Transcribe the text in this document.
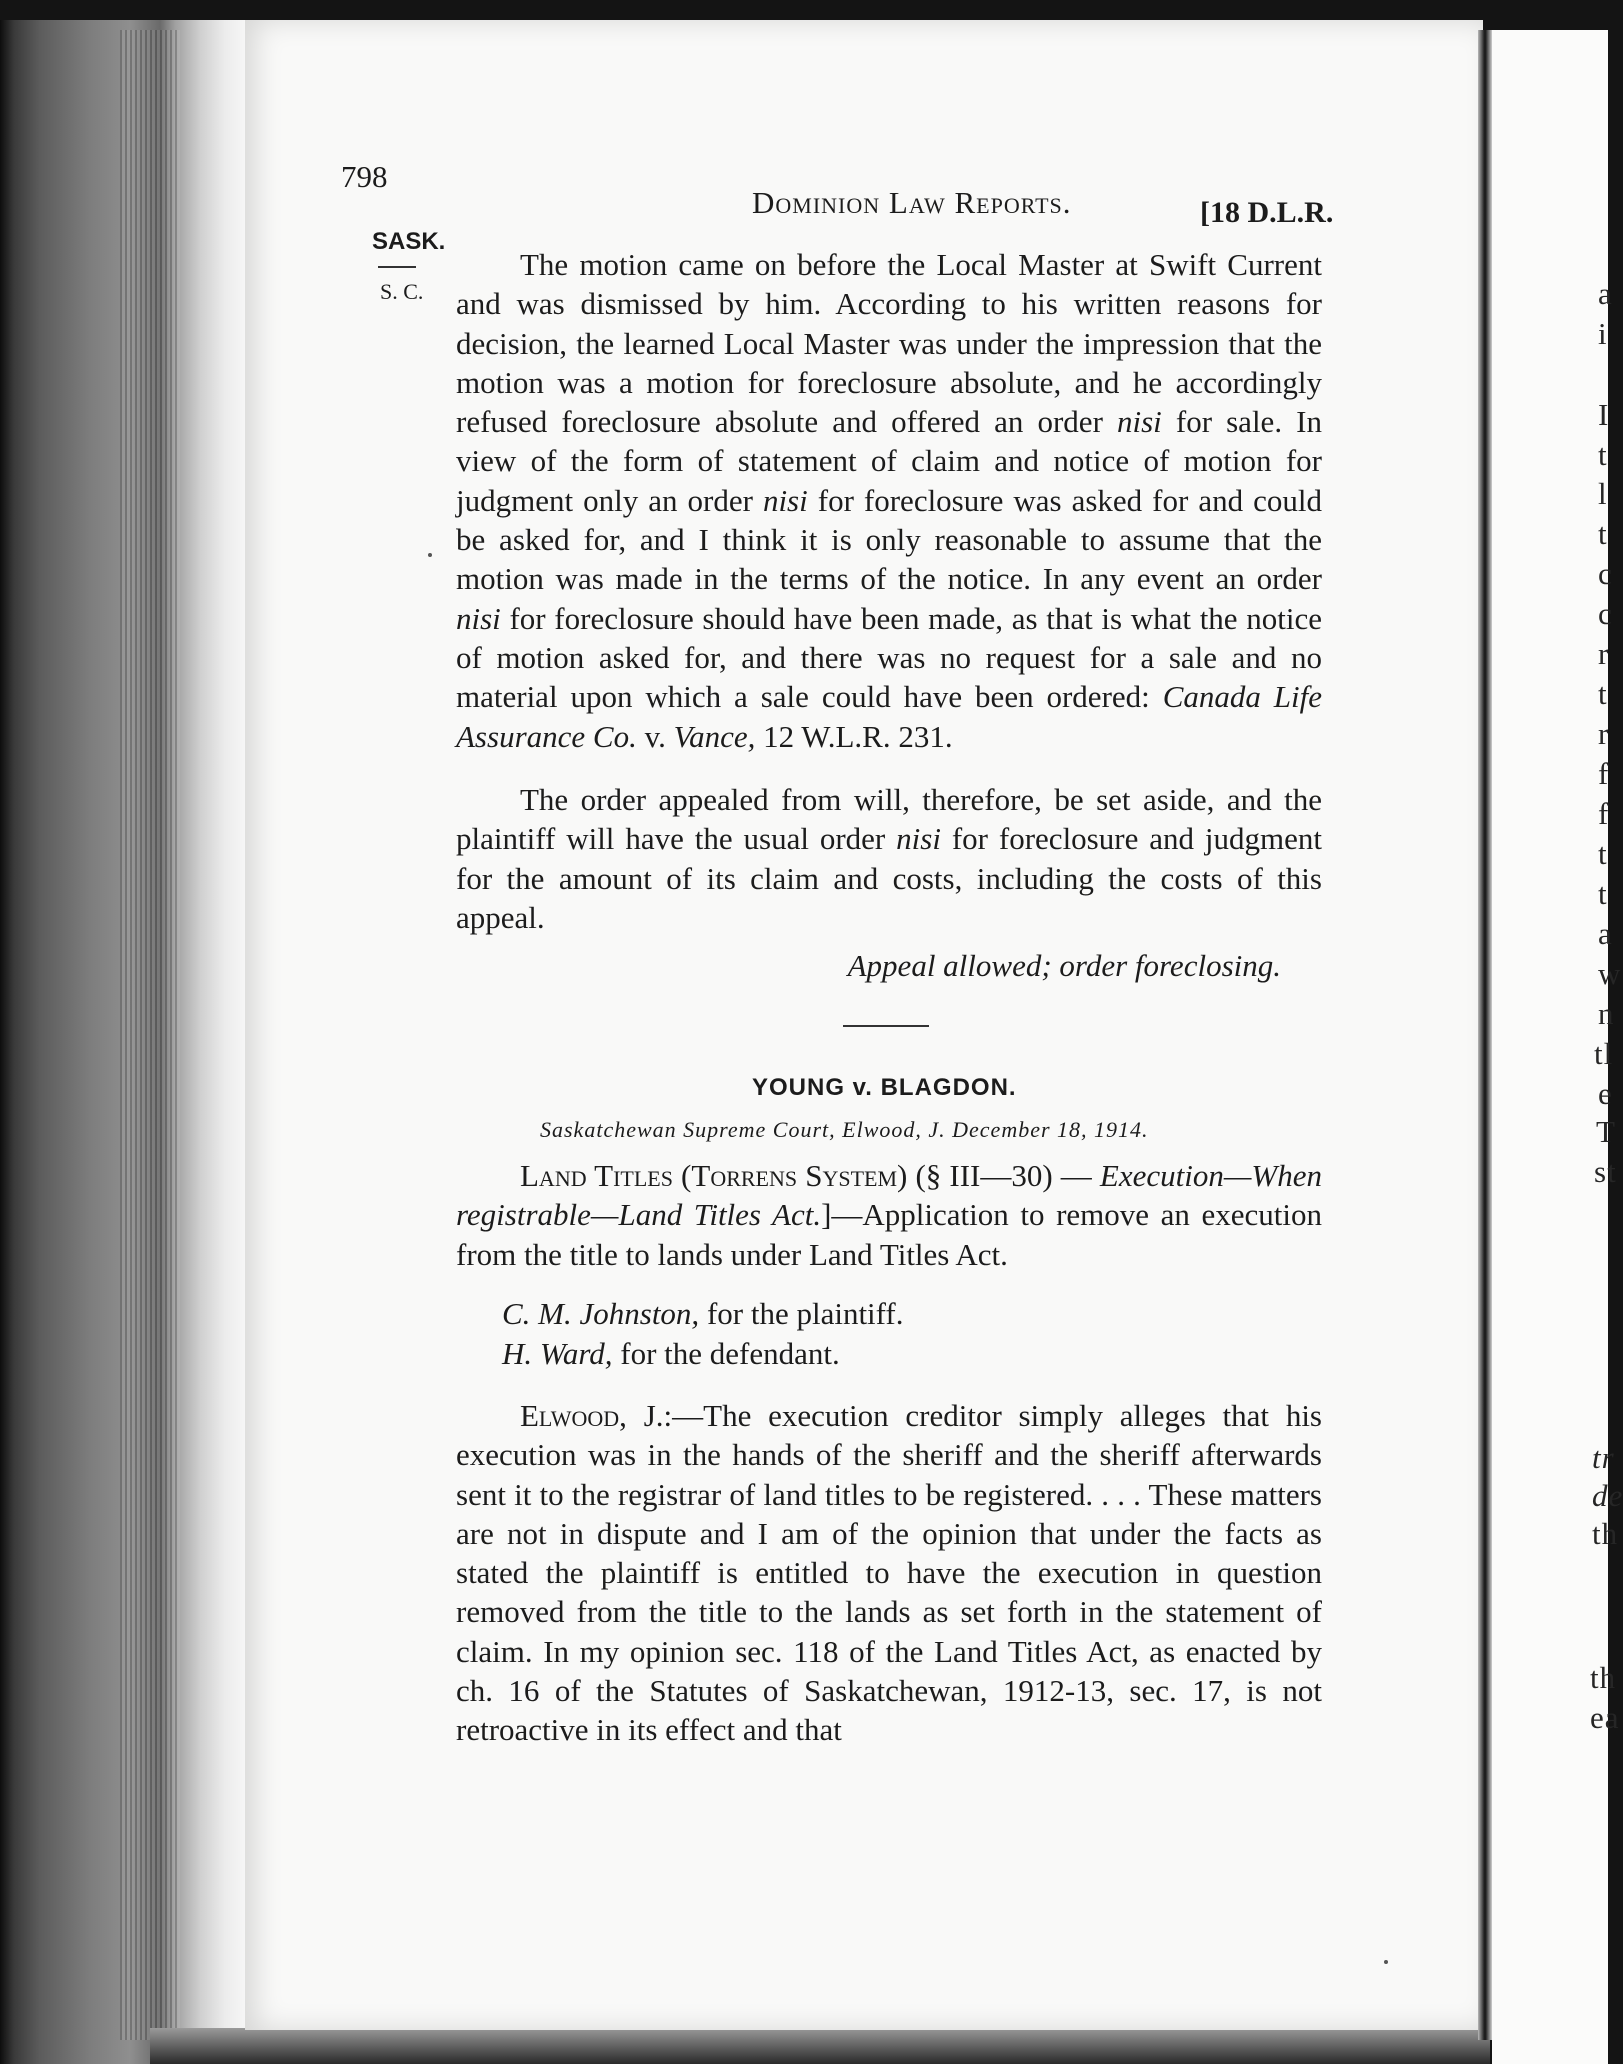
798
Dominion Law Reports.	[18 D.L.R.
SASK.
S. C.

The motion came on before the Local Master at Swift Current and was dismissed by him. According to his written reasons for decision, the learned Local Master was under the impression that the motion was a motion for foreclosure absolute, and he accordingly refused foreclosure absolute and offered an order nisi for sale. In view of the form of statement of claim and notice of motion for judgment only an order nisi for foreclosure was asked for and could be asked for, and I think it is only reasonable to assume that the motion was made in the terms of the notice. In any event an order nisi for foreclosure should have been made, as that is what the notice of motion asked for, and there was no request for a sale and no material upon which a sale could have been ordered: Canada Life Assurance Co. v. Vance, 12 W.L.R. 231.

The order appealed from will, therefore, be set aside, and the plaintiff will have the usual order nisi for foreclosure and judgment for the amount of its claim and costs, including the costs of this appeal.

Appeal allowed; order foreclosing.
YOUNG v. BLAGDON.
Saskatchewan Supreme Court, Elwood, J. December 18, 1914.

Land Titles (Torrens System) (§ III—30) — Execution—When registrable—Land Titles Act.]—Application to remove an execution from the title to lands under Land Titles Act.

C. M. Johnston, for the plaintiff.
H. Ward, for the defendant.

Elwood, J.:—The execution creditor simply alleges that his execution was in the hands of the sheriff and the sheriff afterwards sent it to the registrar of land titles to be registered. . . . These matters are not in dispute and I am of the opinion that under the facts as stated the plaintiff is entitled to have the execution in question removed from the title to the lands as set forth in the statement of claim. In my opinion sec. 118 of the Land Titles Act, as enacted by ch. 16 of the Statutes of Saskatchewan, 1912-13, sec. 17, is not retroactive in its effect and that

a
i
I
t
l
t
c
c
r
t
r
f
f
t
t
a
w
n
tl
e
T
st
tr
de
th
th
ea
